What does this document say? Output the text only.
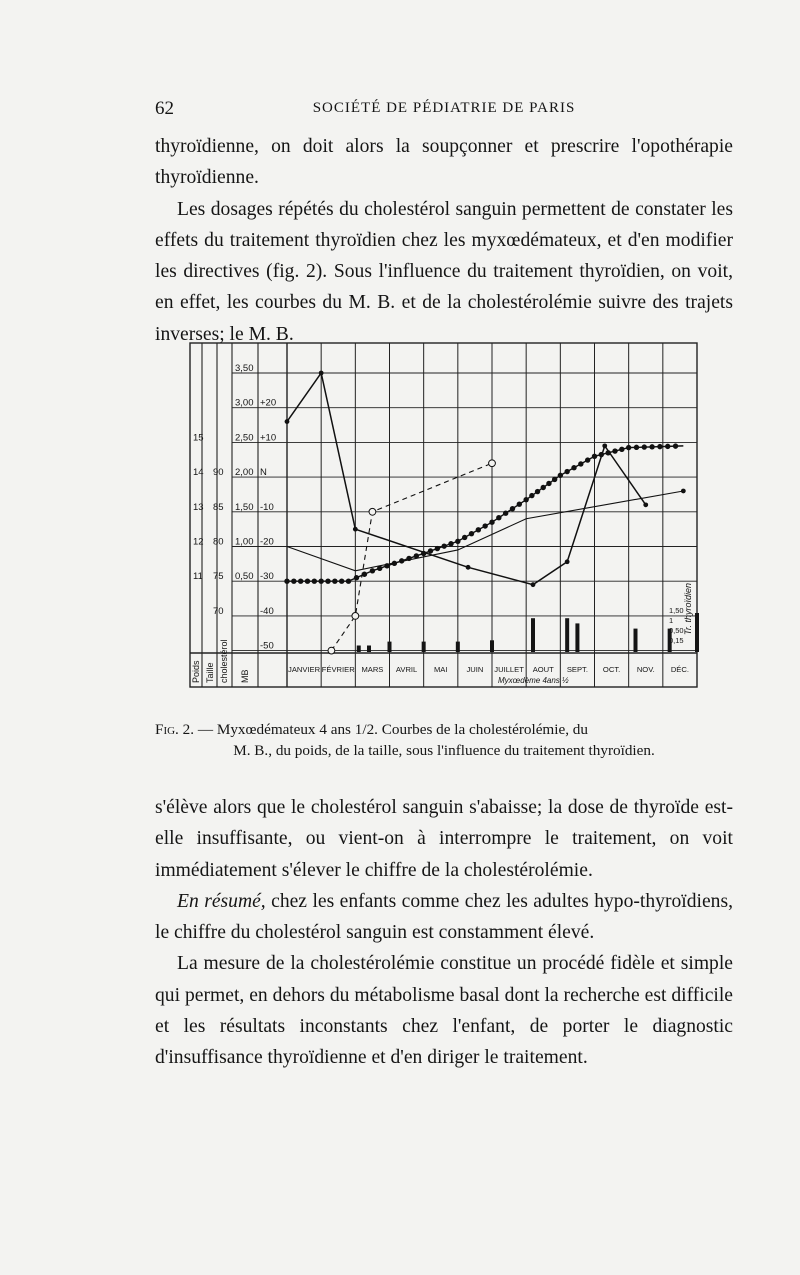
62	SOCIÉTÉ DE PÉDIATRIE DE PARIS

thyroïdienne, on doit alors la soupçonner et prescrire l'opothérapie thyroïdienne.

Les dosages répétés du cholestérol sanguin permettent de constater les effets du traitement thyroïdien chez les myxœdémateux, et d'en modifier les directives (fig. 2). Sous l'influence du traitement thyroïdien, on voit, en effet, les courbes du M. B. et de la cholestérolémie suivre des trajets inverses; le M. B.

15
14
13
12
11
90
85
80
75
70
3,50
3,00
2,50
2,00
1,50
1,00
0,50
+20
+10
N
-10
-20
-30
-40
-50
Poids Taille cholestérol MB	JANVIER FÉVRIER MARS AVRIL MAI JUIN JUILLET AOUT SEPT. OCT. NOV. DÉC.
Tr. thyroïdien
1,50
1
0,50
0,15
Myxœdème 4ans ½
Fig. 2. — Myxœdémateux 4 ans 1/2. Courbes de la cholestérolémie, du
M. B., du poids, de la taille, sous l'influence du traitement thyroïdien.

s'élève alors que le cholestérol sanguin s'abaisse; la dose de thyroïde est-elle insuffisante, ou vient-on à interrompre le traitement, on voit immédiatement s'élever le chiffre de la cholestérolémie.

En résumé, chez les enfants comme chez les adultes hypo-thyroïdiens, le chiffre du cholestérol sanguin est constamment élevé.

La mesure de la cholestérolémie constitue un procédé fidèle et simple qui permet, en dehors du métabolisme basal dont la recherche est difficile et les résultats inconstants chez l'enfant, de porter le diagnostic d'insuffisance thyroïdienne et d'en diriger le traitement.
